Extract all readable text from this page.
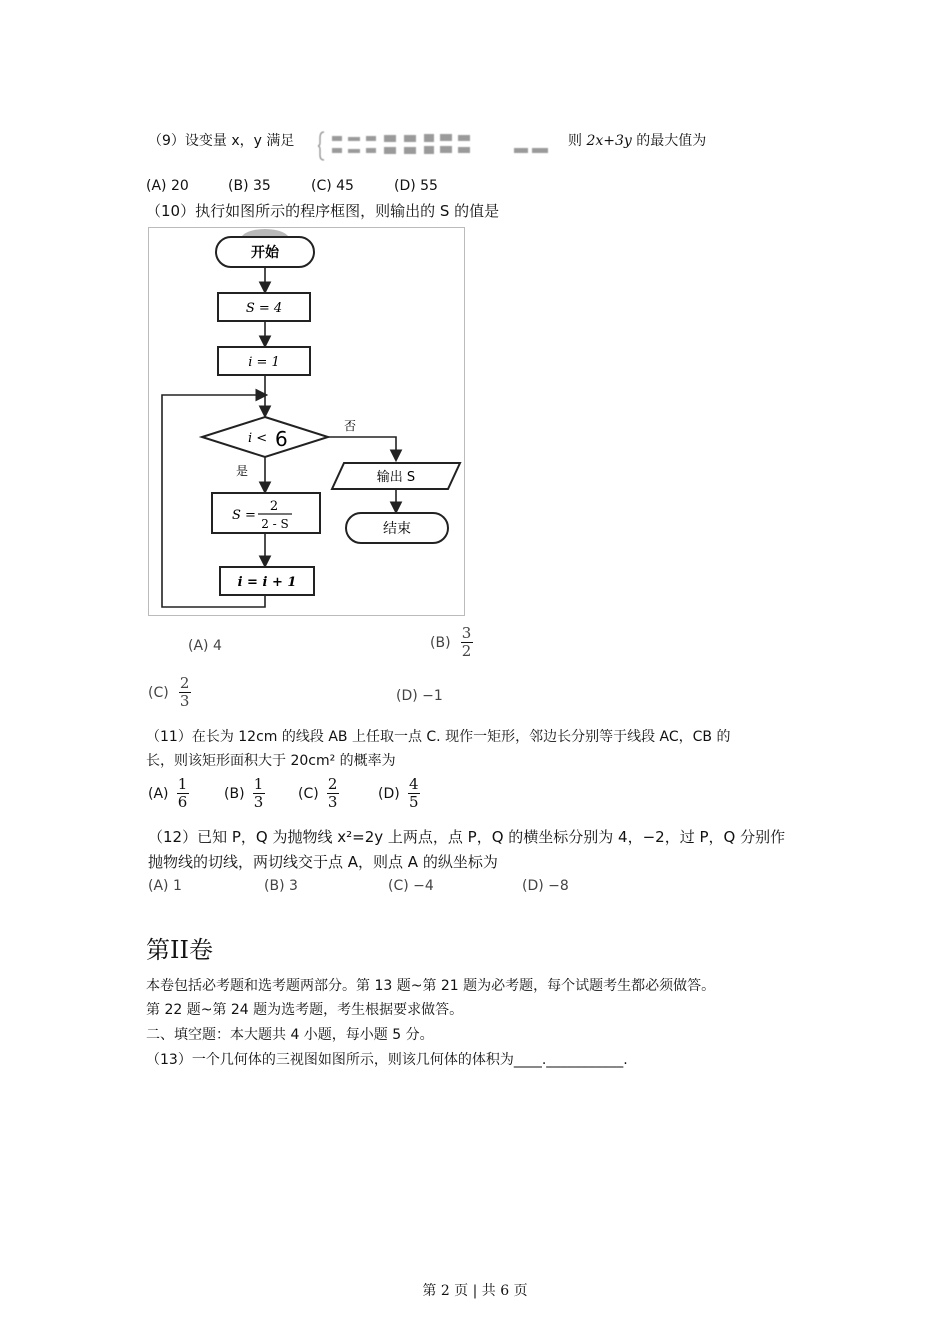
（9）设变量 x，y 满足	则 2x+3y 的最大值为
(A) 20	(B) 35	(C) 45	(D) 55
（10）执行如图所示的程序框图，则输出的 S 的值是
开始
S = 4
i = 1
i < 6
否
输出 S
结束
是
S =
2
2 - S
i = i + 1
(A) 4	$(B) \frac{3}{2}$
$(C) \frac{2}{3}$	(D) −1
（11）在长为 12cm 的线段 AB 上任取一点 C. 现作一矩形，邻边长分别等于线段 AC，CB 的
长，则该矩形面积大于 20cm² 的概率为
$(A) \frac{1}{6}$	$(B) \frac{1}{3} (C) \frac{2}{3}$	$(D) \frac{4}{5}$
（12）已知 P，Q 为抛物线 x²=2y 上两点，点 P，Q 的横坐标分别为 4，−2，过 P，Q 分别作
抛物线的切线，两切线交于点 A，则点 A 的纵坐标为
(A) 1	(B) 3	(C) −4	(D) −8
第II卷
本卷包括必考题和选考题两部分。第 13 题~第 21 题为必考题，每个试题考生都必须做答。
第 22 题~第 24 题为选考题，考生根据要求做答。
二、填空题：本大题共 4 小题，每小题 5 分。
（13）一个几何体的三视图如图所示，则该几何体的体积为____.___________.
第 2 页 | 共 6 页
